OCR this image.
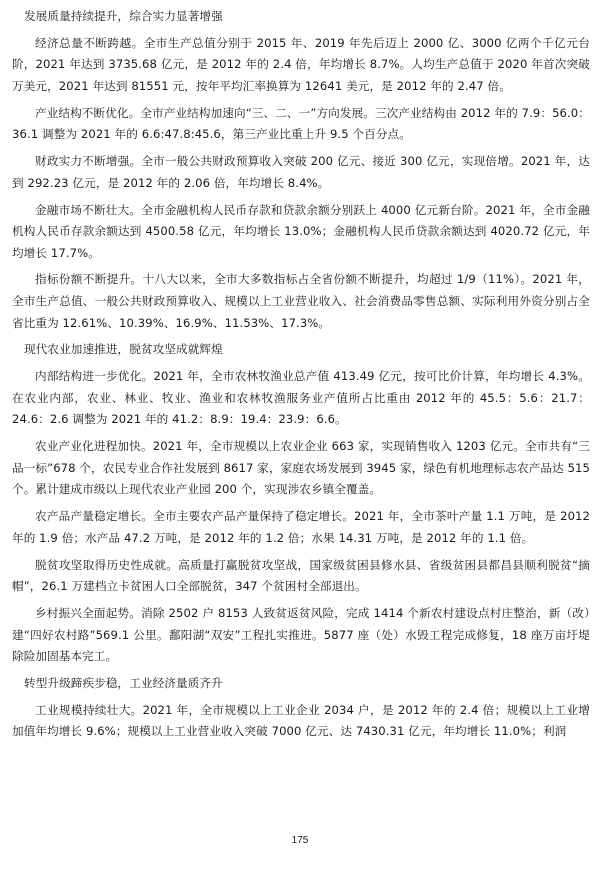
发展质量持续提升，综合实力显著增强

经济总量不断跨越。全市生产总值分别于 2015 年、2019 年先后迈上 2000 亿、3000 亿两个千亿元台阶，2021 年达到 3735.68 亿元，是 2012 年的 2.4 倍，年均增长 8.7%。人均生产总值于 2020 年首次突破万美元，2021 年达到 81551 元，按年平均汇率换算为 12641 美元，是 2012 年的 2.47 倍。

产业结构不断优化。全市产业结构加速向“三、二、一”方向发展。三次产业结构由 2012 年的 7.9：56.0：36.1 调整为 2021 年的 6.6:47.8:45.6，第三产业比重上升 9.5 个百分点。

财政实力不断增强。全市一般公共财政预算收入突破 200 亿元、接近 300 亿元，实现倍增。2021 年，达到 292.23 亿元，是 2012 年的 2.06 倍，年均增长 8.4%。

金融市场不断壮大。全市金融机构人民币存款和贷款余额分别跃上 4000 亿元新台阶。2021 年，全市金融机构人民币存款余额达到 4500.58 亿元，年均增长 13.0%；金融机构人民币贷款余额达到 4020.72 亿元，年均增长 17.7%。

指标份额不断提升。十八大以来，全市大多数指标占全省份额不断提升，均超过 1/9（11%）。2021 年，全市生产总值、一般公共财政预算收入、规模以上工业营业收入、社会消费品零售总额、实际利用外资分别占全省比重为 12.61%、10.39%、16.9%、11.53%、17.3%。

现代农业加速推进，脱贫攻坚成就辉煌

内部结构进一步优化。2021 年，全市农林牧渔业总产值 413.49 亿元，按可比价计算，年均增长 4.3%。在农业内部，农业、林业、牧业、渔业和农林牧渔服务业产值所占比重由 2012 年的 45.5：5.6：21.7：24.6：2.6 调整为 2021 年的 41.2：8.9：19.4：23.9：6.6。

农业产业化进程加快。2021 年，全市规模以上农业企业 663 家，实现销售收入 1203 亿元。全市共有“三品一标”678 个，农民专业合作社发展到 8617 家，家庭农场发展到 3945 家，绿色有机地理标志农产品达 515 个。累计建成市级以上现代农业产业园 200 个，实现涉农乡镇全覆盖。

农产品产量稳定增长。全市主要农产品产量保持了稳定增长。2021 年，全市茶叶产量 1.1 万吨，是 2012 年的 1.9 倍；水产品 47.2 万吨，是 2012 年的 1.2 倍；水果 14.31 万吨，是 2012 年的 1.1 倍。

脱贫攻坚取得历史性成就。高质量打赢脱贫攻坚战，国家级贫困县修水县、省级贫困县都昌县顺利脱贫“摘帽”，26.1 万建档立卡贫困人口全部脱贫，347 个贫困村全部退出。

乡村振兴全面起势。消除 2502 户 8153 人致贫返贫风险，完成 1414 个新农村建设点村庄整治，新（改）建“四好农村路”569.1 公里。鄱阳湖“双安”工程扎实推进。5877 座（处）水毁工程完成修复，18 座万亩圩堤除险加固基本完工。

转型升级蹄疾步稳，工业经济量质齐升

工业规模持续壮大。2021 年，全市规模以上工业企业 2034 户，是 2012 年的 2.4 倍；规模以上工业增加值年均增长 9.6%；规模以上工业营业收入突破 7000 亿元、达 7430.31 亿元，年均增长 11.0%；利润

175
